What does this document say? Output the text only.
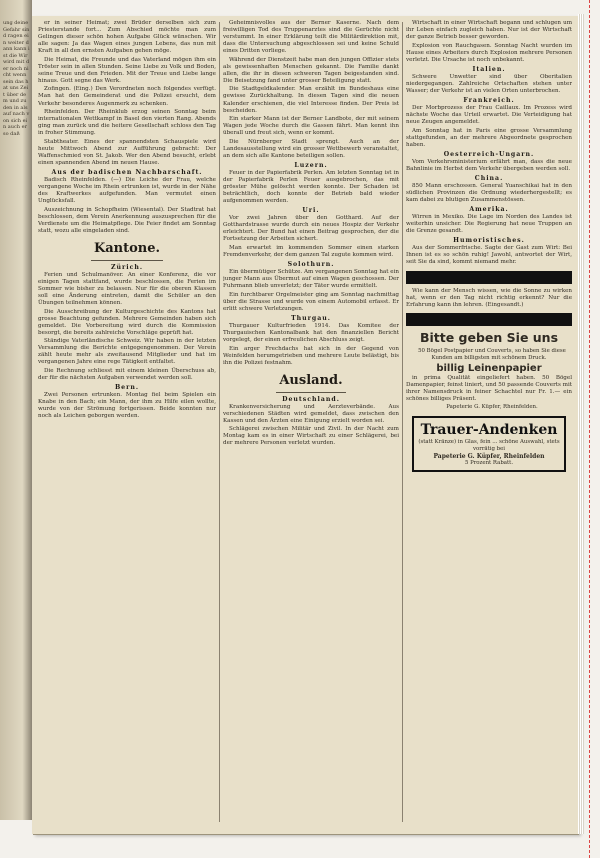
ung deine Gefahr sind ragen ein weiter dann kann ist die Wir wird mit der noch nicht wenn sein das hat uns Zeit über dem und zu den in als auf nach von sich ein auch er so daß

er in seiner Heimat; zwei Brüder derselben sich zum Priesterstande fort... Zum Abschied möchte man zum Gelingen dieser schön hohen Aufgabe Glück wünschen. Wir alle sagen: Ja das Wagen eines jungen Lebens, das nun mit Kraft in all den ernsten Aufgaben gehen möge.

Die Heimat, die Freunde und das Vaterland mögen ihm ein Tröster sein in allen Stunden. Seine Liebe zu Volk und Boden, seine Treue und den Frieden. Mit der Treue und Liebe lange hinaus. Gott segne das Werk.

Zofingen. (Eing.) Den Verordneten noch folgendes verfügt. Man hat den Gemeinderat und die Polizei ersucht, dem Verkehr besonderes Augenmerk zu schenken.

Rheinfelden. Der Rheinklub erzog seinen Sonntag beim internationalen Wettkampf in Basel den vierten Rang. Abends ging man zurück und die heitere Gesellschaft schloss den Tag in froher Stimmung.

Stabtheater. Eines der spannendsten Schauspiele wird heute Mittwoch Abend zur Aufführung gebracht: Der Waffenschmied von St. Jakob. Wer den Abend besucht, erlebt einen spannenden Abend im neuen Hause.

Aus der badischen Nachbarschaft.

Badisch Rheinfelden. (—) Die Leiche der Frau, welche vergangene Woche im Rhein ertrunken ist, wurde in der Nähe des Kraftwerkes aufgefunden. Man vermutet einen Unglücksfall.

Auszeichnung in Schopfheim (Wiesental). Der Stadtrat hat beschlossen, dem Verein Anerkennung auszusprechen für die Verdienste um die Heimatpflege. Die Feier findet am Sonntag statt, wozu alle eingeladen sind.

Kantone.
Zürich.

Ferien und Schulmanöver. An einer Konferenz, die vor einigen Tagen stattfand, wurde beschlossen, die Ferien im Sommer wie bisher zu belassen. Nur für die oberen Klassen soll eine Änderung eintreten, damit die Schüler an den Übungen teilnehmen können.

Die Ausschreibung der Kulturgeschichte des Kantons hat grosse Beachtung gefunden. Mehrere Gemeinden haben sich gemeldet. Die Vorbereitung wird durch die Kommission besorgt, die bereits zahlreiche Vorschläge geprüft hat.

Ständige Vaterländische Schweiz. Wir haben in der letzten Versammlung die Berichte entgegengenommen. Der Verein zählt heute mehr als zweitausend Mitglieder und hat im vergangenen Jahre eine rege Tätigkeit entfaltet.

Die Rechnung schliesst mit einem kleinen Überschuss ab, der für die nächsten Aufgaben verwendet werden soll.

Bern.

Zwei Personen ertrunken. Montag fiel beim Spielen ein Knabe in den Bach; ein Mann, der ihm zu Hilfe eilen wollte, wurde von der Strömung fortgerissen. Beide konnten nur noch als Leichen geborgen werden.

Geheimnisvolles aus der Berner Kaserne. Nach dem freiwilligen Tod des Truppenarztes sind die Gerüchte nicht verstummt. In einer Erklärung teilt die Militärdirektion mit, dass die Untersuchung abgeschlossen sei und keine Schuld eines Dritten vorliege.

Während der Dienstzeit habe man den jungen Offizier stets als gewissenhaften Menschen gekannt. Die Familie dankt allen, die ihr in diesen schweren Tagen beigestanden sind. Die Beisetzung fand unter grosser Beteiligung statt.

Die Stadtgeldkalender. Man erzählt im Bundeshaus eine gewisse Zurückhaltung. In diesen Tagen sind die neuen Kalender erschienen, die viel Interesse finden. Der Preis ist bescheiden.

Ein starker Mann ist der Berner Landbote, der mit seinem Wagen jede Woche durch die Gassen fährt. Man kennt ihn überall und freut sich, wenn er kommt.

Die Nürnberger Stadt sprengt. Auch an der Landesausstellung wird ein grosser Wettbewerb veranstaltet, an dem sich alle Kantone beteiligen sollen.

Luzern.

Feuer in der Papierfabrik Perlen. Am letzten Sonntag ist in der Papierfabrik Perlen Feuer ausgebrochen, das mit grösster Mühe gelöscht werden konnte. Der Schaden ist beträchtlich, doch konnte der Betrieb bald wieder aufgenommen werden.

Uri.

Vor zwei Jahren über den Gotthard. Auf der Gotthardstrasse wurde durch ein neues Hospiz der Verkehr erleichtert. Der Bund hat einen Beitrag gesprochen, der die Fortsetzung der Arbeiten sichert.

Man erwartet im kommenden Sommer einen starken Fremdenverkehr, der dem ganzen Tal zugute kommen wird.

Solothurn.

Ein übermütiger Schütze. Am vergangenen Sonntag hat ein junger Mann aus Übermut auf einen Wagen geschossen. Der Fuhrmann blieb unverletzt; der Täter wurde ermittelt.

Ein furchtbarer Orgelmeister ging am Sonntag nachmittag über die Strasse und wurde von einem Automobil erfasst. Er erlitt schwere Verletzungen.

Thurgau.

Thurgauer Kulturfrieden 1914. Das Komitee der Thurgauischen Kantonalbank hat den finanziellen Bericht vorgelegt, der einen erfreulichen Abschluss zeigt.

Ein arger Frechdachs hat sich in der Gegend von Weinfelden herumgetrieben und mehrere Leute belästigt, bis ihn die Polizei festnahm.

Ausland.
Deutschland.

Krankenversicherung und Aerzteverbände. Aus verschiedenen Städten wird gemeldet, dass zwischen den Kassen und den Ärzten eine Einigung erzielt worden sei.

Schlägerei zwischen Militär und Zivil. In der Nacht zum Montag kam es in einer Wirtschaft zu einer Schlägerei, bei der mehrere Personen verletzt wurden.

Wirtschaft in einer Wirtschaft begann und schlugen um ihr Leben einfach zugleich haben. Nur ist der Wirtschaft der ganze Betrieb besser geworden.

Explosion von Rauchgasen. Sonntag Nacht wurden im Hause eines Arbeiters durch Explosion mehrere Personen verletzt. Die Ursache ist noch unbekannt.

Italien.

Schwere Unwetter sind über Oberitalien niedergegangen. Zahlreiche Ortschaften stehen unter Wasser; der Verkehr ist an vielen Orten unterbrochen.

Frankreich.

Der Morbprozess der Frau Caillaux. Im Prozess wird nächste Woche das Urteil erwartet. Die Verteidigung hat neue Zeugen angemeldet.

Am Sonntag hat in Paris eine grosse Versammlung stattgefunden, an der mehrere Abgeordnete gesprochen haben.

Oesterreich-Ungarn.

Vom Verkehrsministerium erfährt man, dass die neue Bahnlinie im Herbst dem Verkehr übergeben werden soll.

China.

850 Mann erschossen. General Yuanschikai hat in den südlichen Provinzen die Ordnung wiederhergestellt; es kam dabei zu blutigen Zusammenstössen.

Amerika.

Wirren in Mexiko. Die Lage im Norden des Landes ist weiterhin unsicher. Die Regierung hat neue Truppen an die Grenze gesandt.

Humoristisches.

Aus der Sommerfrische. Sagte der Gast zum Wirt: Bei Ihnen ist es so schön ruhig! Jawohl, antwortet der Wirt, seit Sie da sind, kommt niemand mehr.

Wie kann der Mensch wissen, wie die Sonne zu wirken hat, wenn er den Tag nicht richtig erkennt? Nur die Erfahrung kann ihn lehren. (Eingesandt.)

Bitte geben Sie uns

50 Bögel Postpapier und Couverts, so haben Sie diese Kunden am billigsten mit schönem Druck.

billig Leinenpapier

in prima Qualität eingeliefert haben. 50 Bögel Damenpapier, feinst liniert, und 50 passende Couverts mit ihrer Namensdruck in feiner Schachtel nur Fr. 1.— ein schönes billiges Präsent.

Papeterie G. Küpfer, Rheinfelden.

Trauer-Andenken
(statt Kränze) in Glas, fein ... schöne Auswahl, stets vorrätig bei
Papeterie G. Küpfer, Rheinfelden
5 Prozent Rabatt.
